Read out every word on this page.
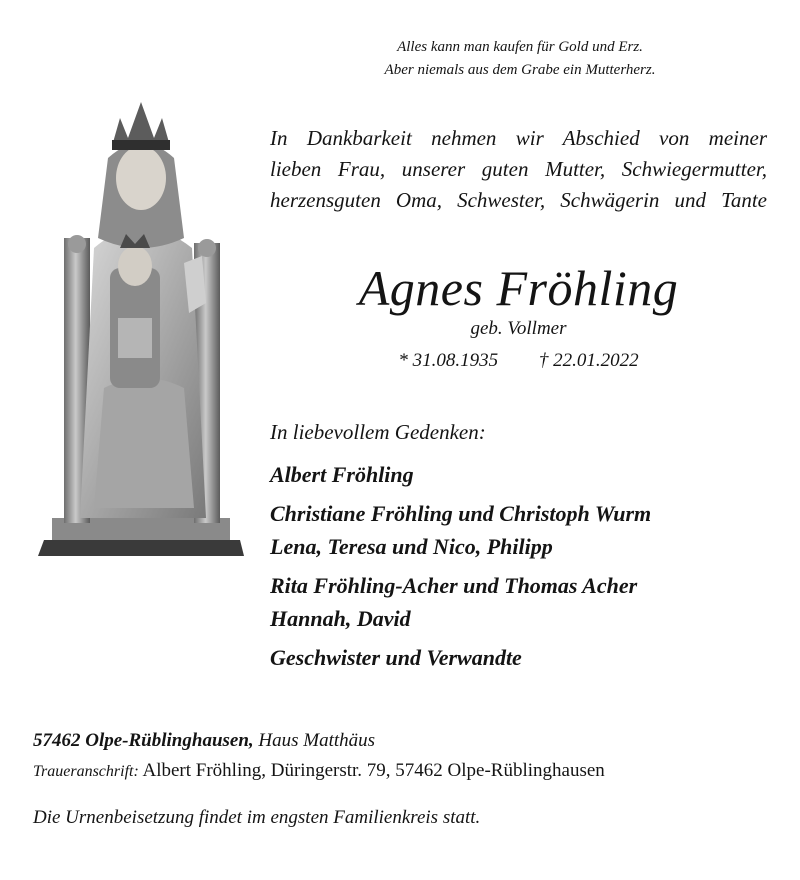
Alles kann man kaufen für Gold und Erz.
Aber niemals aus dem Grabe ein Mutterherz.
In Dankbarkeit nehmen wir Abschied von meiner
lieben Frau, unserer guten Mutter, Schwiegermutter,
herzensguten Oma, Schwester, Schwägerin und Tante
Agnes Fröhling
geb. Vollmer
* 31.08.1935 † 22.01.2022
In liebevollem Gedenken:
Albert Fröhling
Christiane Fröhling und Christoph Wurm
Lena, Teresa und Nico, Philipp
Rita Fröhling-Acher und Thomas Acher
Hannah, David
Geschwister und Verwandte
57462 Olpe-Rüblinghausen, Haus Matthäus
Traueranschrift: Albert Fröhling, Düringerstr. 79, 57462 Olpe-Rüblinghausen
Die Urnenbeisetzung findet im engsten Familienkreis statt.
